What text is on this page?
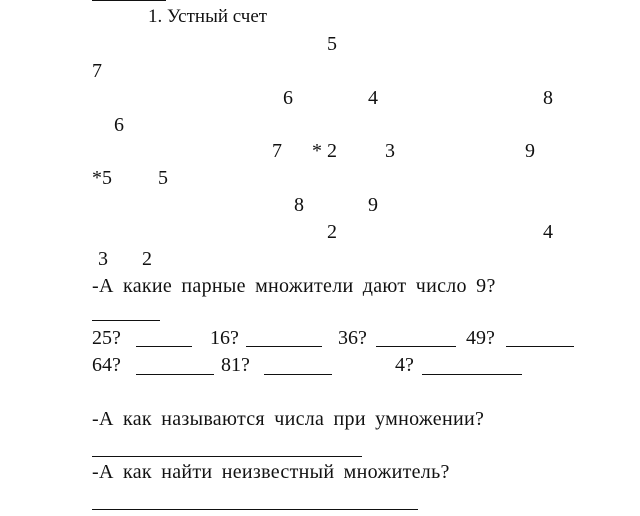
1. Устный счет
5
7
6	4	8
6
7 * 2 3	9
*5 5
8	9
2	4
3 2
-А какие парные множители дают число 9?
25?	16?	36?	49?
64?	81?	4?
-А как называются числа при умножении?
-А как найти неизвестный множитель?
